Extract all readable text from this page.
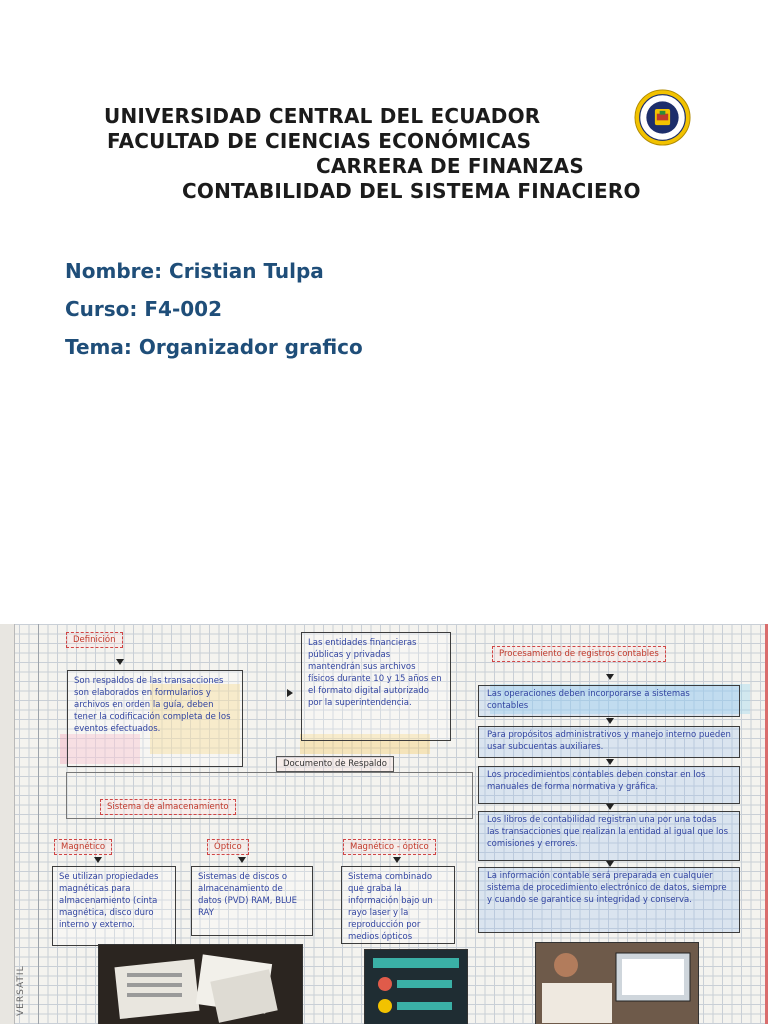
UNIVERSIDAD CENTRAL DEL ECUADOR
FACULTAD DE CIENCIAS ECONÓMICAS
CARRERA DE FINANZAS
CONTABILIDAD DEL SISTEMA FINACIERO
Nombre: Cristian Tulpa
Curso: F4-002
Tema: Organizador grafico
Definición
Son respaldos de las transacciones son elaborados en formularios y archivos en orden la guía, deben tener la codificación completa de los eventos efectuados.
Las entidades financieras públicas y privadas mantendrán sus archivos físicos durante 10 y 15 años en el formato digital autorizado por la superintendencia.
Documento de Respaldo
Sistema de almacenamiento
Procesamiento de registros contables
Las operaciones deben incorporarse a sistemas contables
Para propósitos administrativos y manejo interno pueden usar subcuentas auxiliares.
Los procedimientos contables deben constar en los manuales de forma normativa y gráfica.
Los libros de contabilidad registran una por una todas las transacciones que realizan la entidad al igual que los comisiones y errores.
La información contable será preparada en cualquier sistema de procedimiento electrónico de datos, siempre y cuando se garantice su integridad y conserva.
Magnético
Se utilizan propiedades magnéticas para almacenamiento (cinta magnética, disco duro interno y externo.
Óptico
Sistemas de discos o almacenamiento de datos (PVD) RAM, BLUE RAY
Magnético - óptico
Sistema combinado que graba la información bajo un rayo laser y la reproducción por medios ópticos
VERSATIL
